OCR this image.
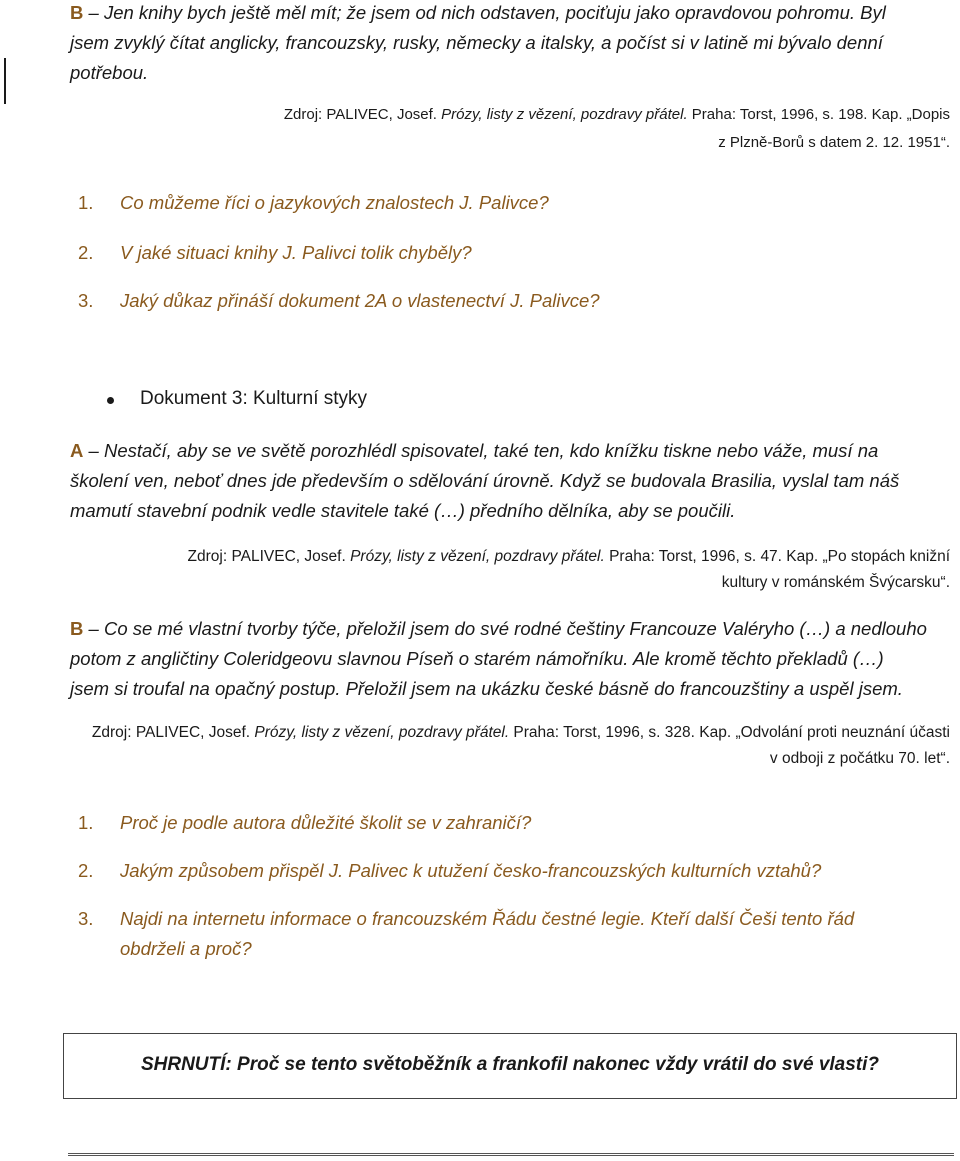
B – Jen knihy bych ještě měl mít; že jsem od nich odstaven, pociťuju jako opravdovou pohromu. Byl
jsem zvyklý čítat anglicky, francouzsky, rusky, německy a italsky, a počíst si v latině mi bývalo denní
potřebou.
Zdroj: PALIVEC, Josef. Prózy, listy z vězení, pozdravy přátel. Praha: Torst, 1996, s. 198. Kap. „Dopis
z Plzně-Borů s datem 2. 12. 1951“.
1. Co můžeme říci o jazykových znalostech J. Palivce?
2. V jaké situaci knihy J. Palivci tolik chyběly?
3. Jaký důkaz přináší dokument 2A o vlastenectví J. Palivce?
Dokument 3: Kulturní styky
A – Nestačí, aby se ve světě porozhlédl spisovatel, také ten, kdo knížku tiskne nebo váže, musí na
školení ven, neboť dnes jde především o sdělování úrovně. Když se budovala Brasilia, vyslal tam náš
mamutí stavební podnik vedle stavitele také (…) předního dělníka, aby se poučili.
Zdroj: PALIVEC, Josef. Prózy, listy z vězení, pozdravy přátel. Praha: Torst, 1996, s. 47. Kap. „Po stopách knižní
kultury v románském Švýcarsku“.
B – Co se mé vlastní tvorby týče, přeložil jsem do své rodné češtiny Francouze Valéryho (…) a nedlouho
potom z angličtiny Coleridgeovu slavnou Píseň o starém námořníku. Ale kromě těchto překladů (…)
jsem si troufal na opačný postup. Přeložil jsem na ukázku české básně do francouzštiny a uspěl jsem.
Zdroj: PALIVEC, Josef. Prózy, listy z vězení, pozdravy přátel. Praha: Torst, 1996, s. 328. Kap. „Odvolání proti neuznání účasti
v odboji z počátku 70. let“.
1. Proč je podle autora důležité školit se v zahraničí?
2. Jakým způsobem přispěl J. Palivec k utužení česko-francouzských kulturních vztahů?
3. Najdi na internetu informace o francouzském Řádu čestné legie. Kteří další Češi tento řád
obdrželi a proč?
SHRNUTÍ: Proč se tento světoběžník a frankofil nakonec vždy vrátil do své vlasti?
